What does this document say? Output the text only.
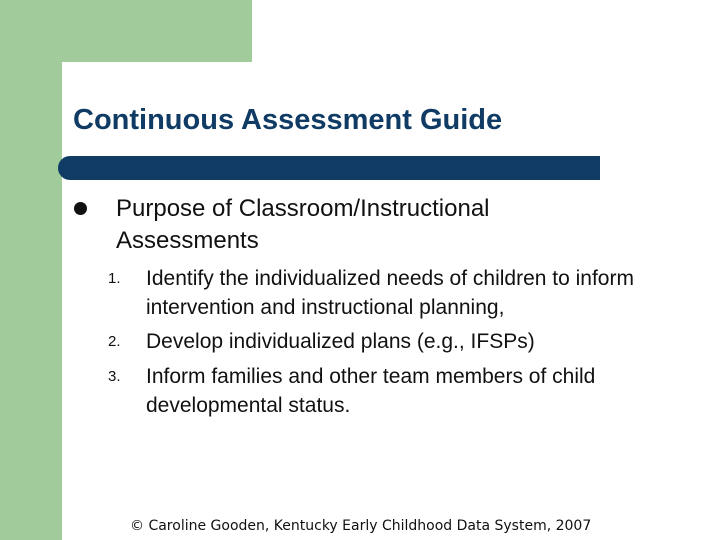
Continuous Assessment Guide
Purpose of Classroom/Instructional Assessments
1.	Identify the individualized needs of children to inform intervention and instructional planning,
2.	Develop individualized plans (e.g., IFSPs)
3.	Inform families and other team members of child developmental status.
© Caroline Gooden, Kentucky Early Childhood Data System, 2007
